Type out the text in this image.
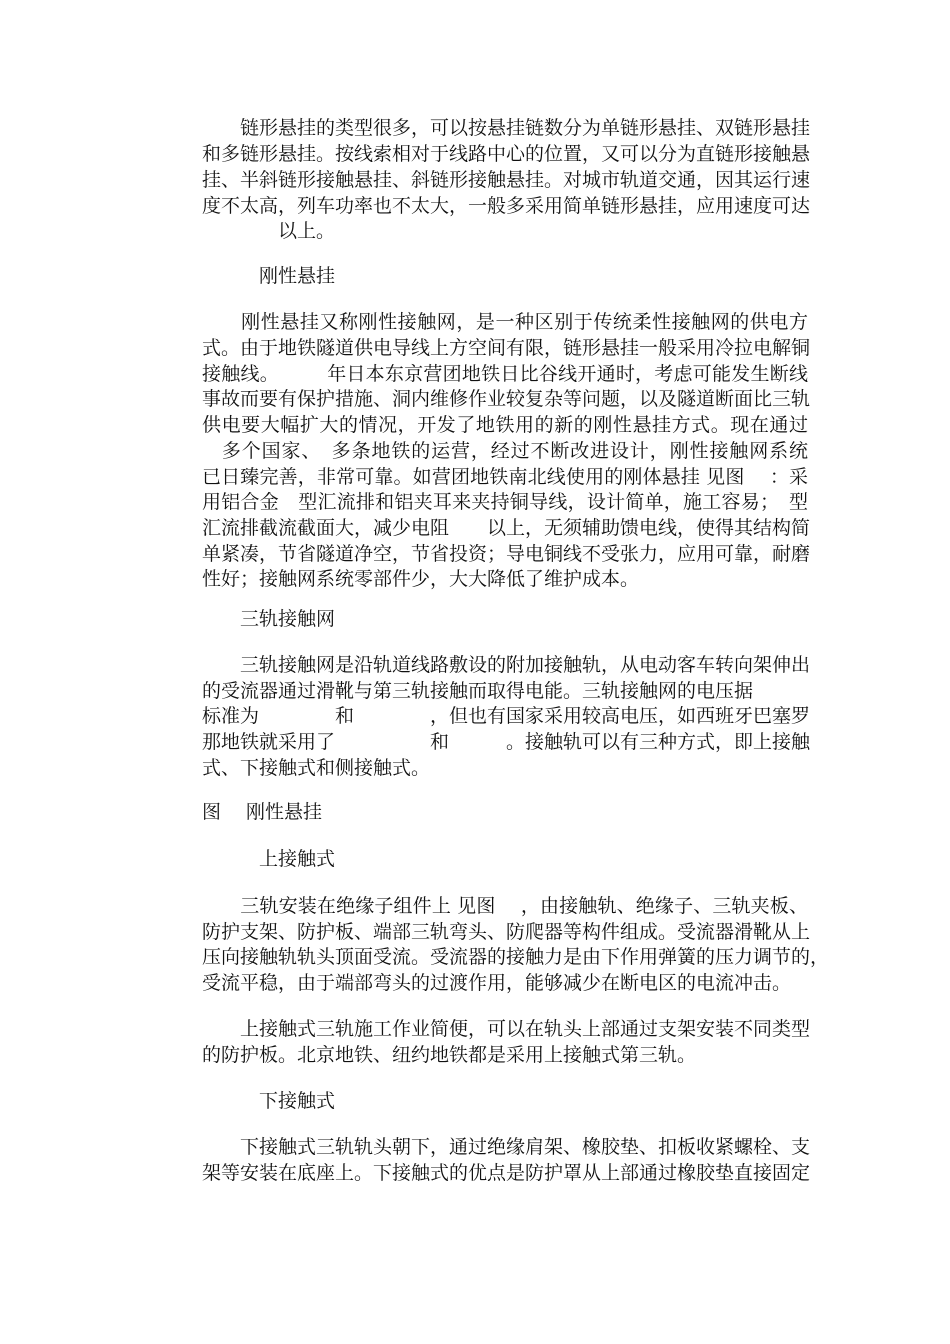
　　链形悬挂的类型很多，可以按悬挂链数分为单链形悬挂、双链形悬挂
和多链形悬挂。按线索相对于线路中心的位置，又可以分为直链形接触悬
挂、半斜链形接触悬挂、斜链形接触悬挂。对城市轨道交通，因其运行速
度不太高，列车功率也不太大，一般多采用简单链形悬挂，应用速度可达
　　　　以上。
　　　刚性悬挂
　　刚性悬挂又称刚性接触网，是一种区别于传统柔性接触网的供电方
式。由于地铁隧道供电导线上方空间有限，链形悬挂一般采用冷拉电解铜
接触线。　　　年日本东京营团地铁日比谷线开通时，考虑可能发生断线
事故而要有保护措施、洞内维修作业较复杂等问题，以及隧道断面比三轨
供电要大幅扩大的情况，开发了地铁用的新的刚性悬挂方式。现在通过
　多个国家、　多条地铁的运营，经过不断改进设计，刚性接触网系统
已日臻完善，非常可靠。如营团地铁南北线使用的刚体悬挂 见图　 ：采
用铝合金　型汇流排和铝夹耳来夹持铜导线，设计简单，施工容易；　型
汇流排截流截面大，减少电阻　　以上，无须辅助馈电线，使得其结构简
单紧凑，节省隧道净空，节省投资；导电铜线不受张力，应用可靠，耐磨
性好；接触网系统零部件少，大大降低了维护成本。
　　三轨接触网
　　三轨接触网是沿轨道线路敷设的附加接触轨，从电动客车转向架伸出
的受流器通过滑靴与第三轨接触而取得电能。三轨接触网的电压据
标准为　　　　和　　　　，但也有国家采用较高电压，如西班牙巴塞罗
那地铁就采用了　　　　　和　　　。接触轨可以有三种方式，即上接触
式、下接触式和侧接触式。
图　 刚性悬挂
　　　上接触式
　　三轨安装在绝缘子组件上 见图　 ，由接触轨、绝缘子、三轨夹板、
防护支架、防护板、端部三轨弯头、防爬器等构件组成。受流器滑靴从上
压向接触轨轨头顶面受流。受流器的接触力是由下作用弹簧的压力调节的，
受流平稳，由于端部弯头的过渡作用，能够减少在断电区的电流冲击。
　　上接触式三轨施工作业简便，可以在轨头上部通过支架安装不同类型
的防护板。北京地铁、纽约地铁都是采用上接触式第三轨。
　　　下接触式
　　下接触式三轨轨头朝下，通过绝缘肩架、橡胶垫、扣板收紧螺栓、支
架等安装在底座上。下接触式的优点是防护罩从上部通过橡胶垫直接固定
